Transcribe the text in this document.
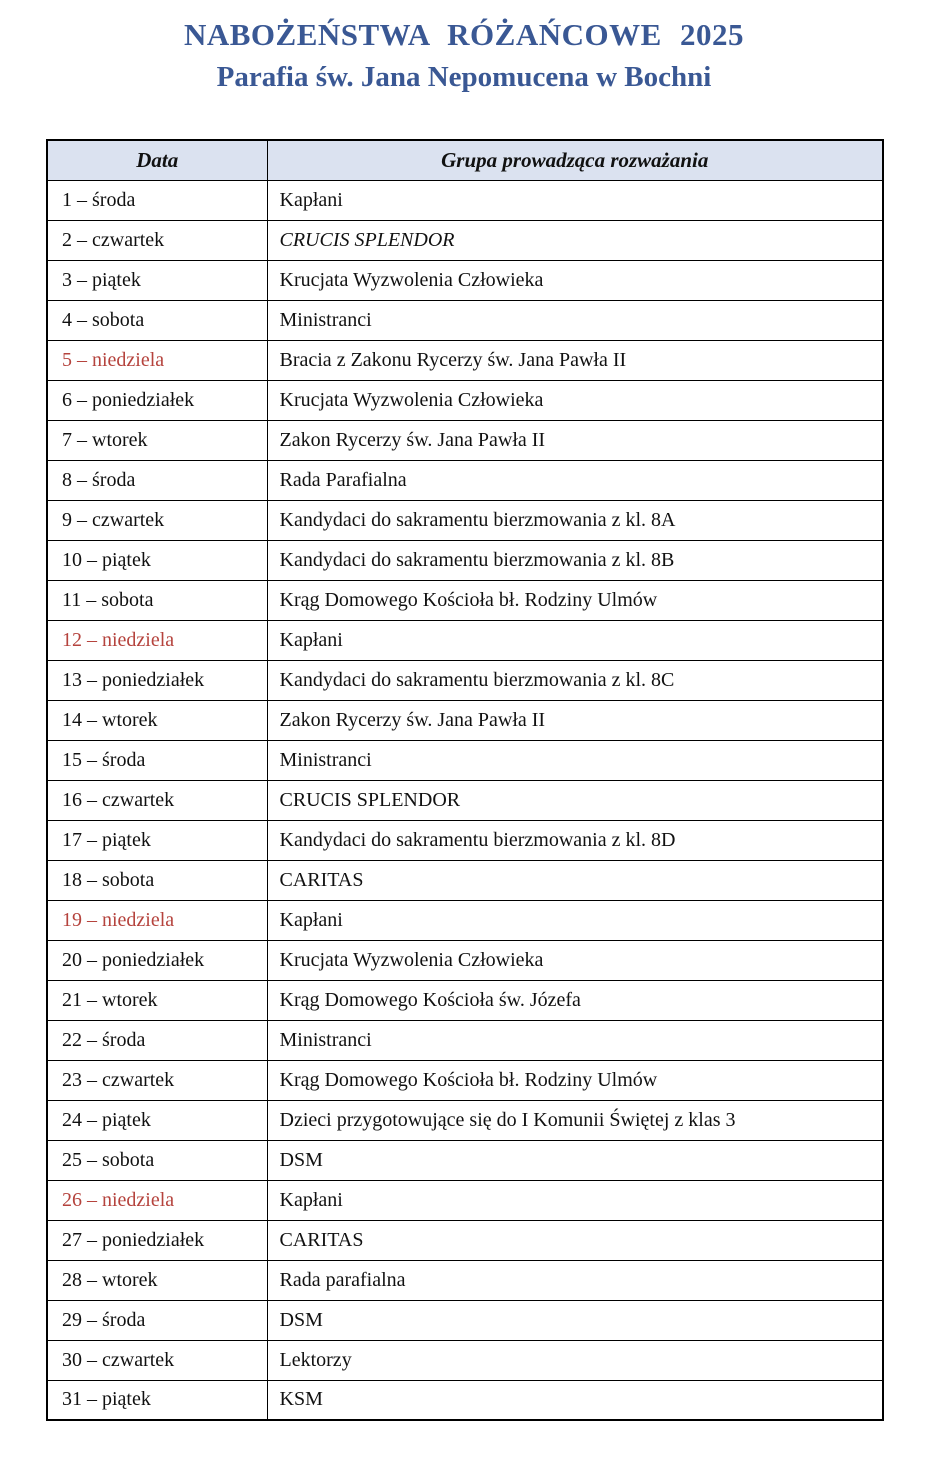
NABOŻEŃSTWA RÓŻAŃCOWE 2025
Parafia św. Jana Nepomucena w Bochni
Data	Grupa prowadząca rozważania
1 – środa	Kapłani
2 – czwartek	CRUCIS SPLENDOR
3 – piątek	Krucjata Wyzwolenia Człowieka
4 – sobota	Ministranci
5 – niedziela	Bracia z Zakonu Rycerzy św. Jana Pawła II
6 – poniedziałek	Krucjata Wyzwolenia Człowieka
7 – wtorek	Zakon Rycerzy św. Jana Pawła II
8 – środa	Rada Parafialna
9 – czwartek	Kandydaci do sakramentu bierzmowania z kl. 8A
10 – piątek	Kandydaci do sakramentu bierzmowania z kl. 8B
11 – sobota	Krąg Domowego Kościoła bł. Rodziny Ulmów
12 – niedziela	Kapłani
13 – poniedziałek	Kandydaci do sakramentu bierzmowania z kl. 8C
14 – wtorek	Zakon Rycerzy św. Jana Pawła II
15 – środa	Ministranci
16 – czwartek	CRUCIS SPLENDOR
17 – piątek	Kandydaci do sakramentu bierzmowania z kl. 8D
18 – sobota	CARITAS
19 – niedziela	Kapłani
20 – poniedziałek	Krucjata Wyzwolenia Człowieka
21 – wtorek	Krąg Domowego Kościoła św. Józefa
22 – środa	Ministranci
23 – czwartek	Krąg Domowego Kościoła bł. Rodziny Ulmów
24 – piątek	Dzieci przygotowujące się do I Komunii Świętej z klas 3
25 – sobota	DSM
26 – niedziela	Kapłani
27 – poniedziałek	CARITAS
28 – wtorek	Rada parafialna
29 – środa	DSM
30 – czwartek	Lektorzy
31 – piątek	KSM
